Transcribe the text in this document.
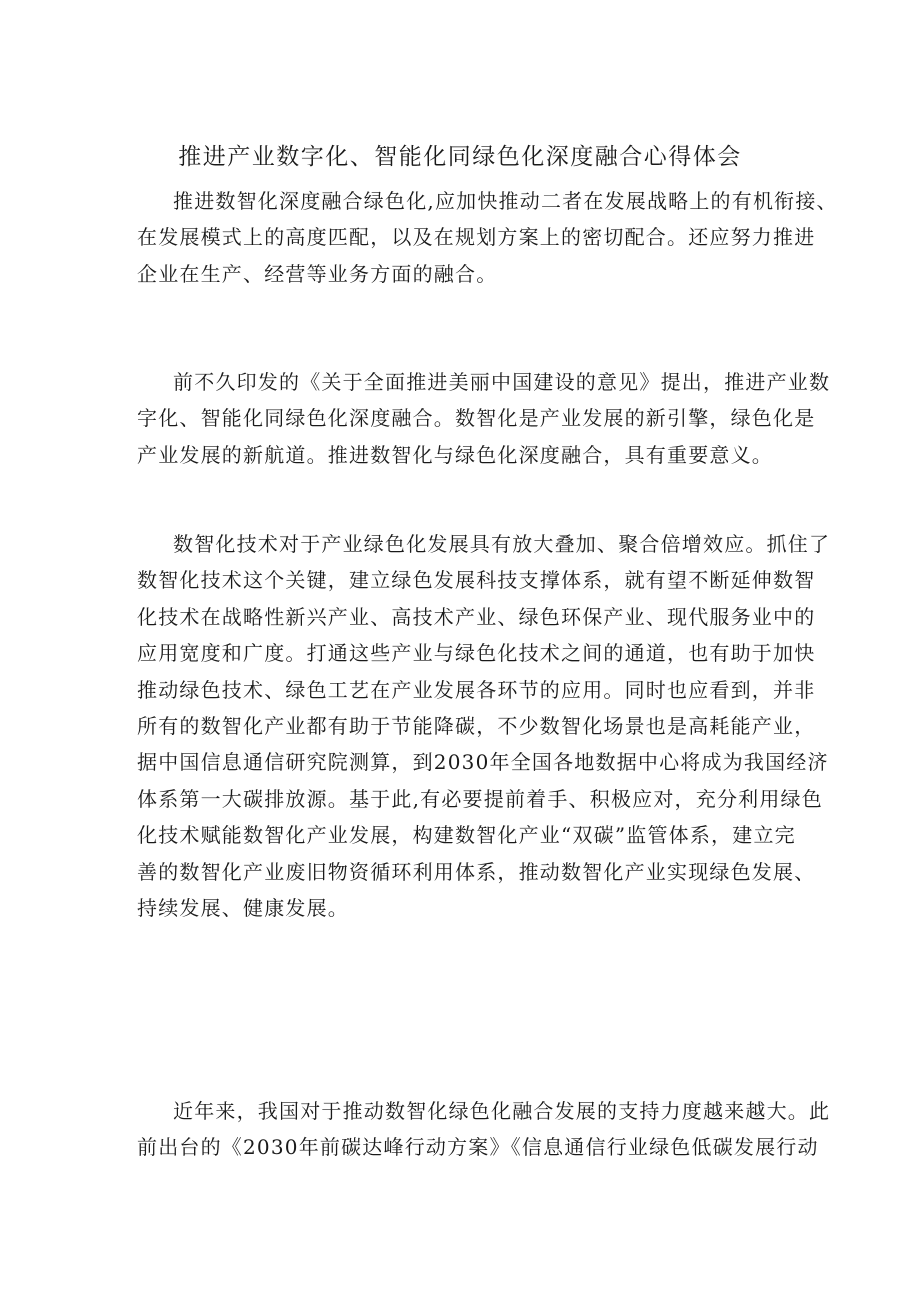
推进产业数字化、智能化同绿色化深度融合心得体会

推进数智化深度融合绿色化,应加快推动二者在发展战略上的有机衔接、
在发展模式上的高度匹配，以及在规划方案上的密切配合。还应努力推进
企业在生产、经营等业务方面的融合。

前不久印发的《关于全面推进美丽中国建设的意见》提出，推进产业数
字化、智能化同绿色化深度融合。数智化是产业发展的新引擎，绿色化是
产业发展的新航道。推进数智化与绿色化深度融合，具有重要意义。

数智化技术对于产业绿色化发展具有放大叠加、聚合倍增效应。抓住了
数智化技术这个关键，建立绿色发展科技支撑体系，就有望不断延伸数智
化技术在战略性新兴产业、高技术产业、绿色环保产业、现代服务业中的
应用宽度和广度。打通这些产业与绿色化技术之间的通道，也有助于加快
推动绿色技术、绿色工艺在产业发展各环节的应用。同时也应看到，并非
所有的数智化产业都有助于节能降碳，不少数智化场景也是高耗能产业，
据中国信息通信研究院测算，到2030年全国各地数据中心将成为我国经济
体系第一大碳排放源。基于此,有必要提前着手、积极应对，充分利用绿色
化技术赋能数智化产业发展，构建数智化产业“双碳”监管体系，建立完
善的数智化产业废旧物资循环利用体系，推动数智化产业实现绿色发展、
持续发展、健康发展。

近年来，我国对于推动数智化绿色化融合发展的支持力度越来越大。此
前出台的《2030年前碳达峰行动方案》《信息通信行业绿色低碳发展行动
